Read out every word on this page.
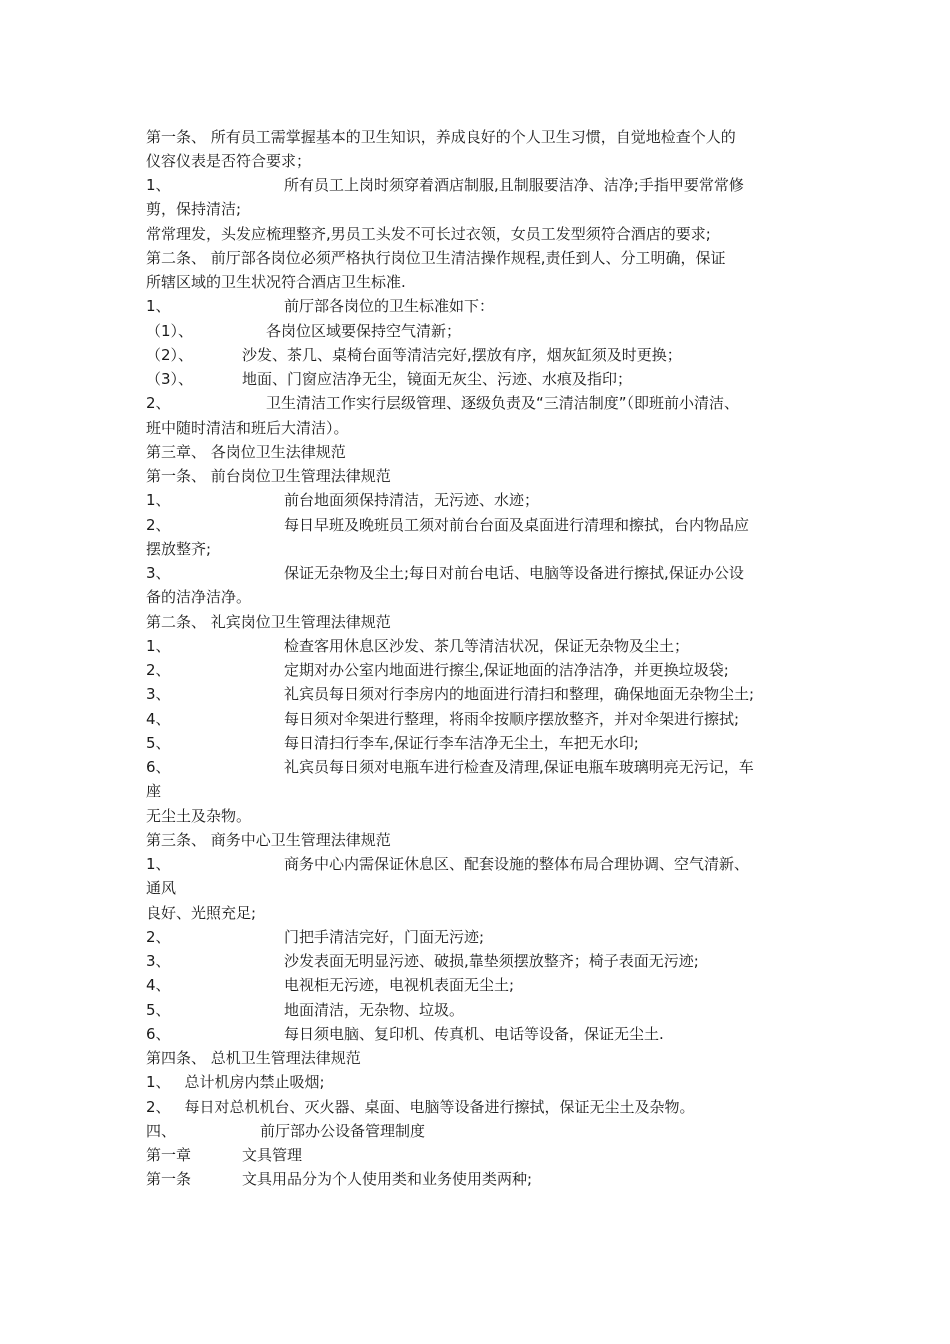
第一条、 所有员工需掌握基本的卫生知识，养成良好的个人卫生习惯，自觉地检查个人的
仪容仪表是否符合要求；
1、	所有员工上岗时须穿着酒店制服,且制服要洁净、洁净;手指甲要常常修
剪，保持清洁;
常常理发，头发应梳理整齐,男员工头发不可长过衣领，女员工发型须符合酒店的要求;
第二条、 前厅部各岗位必须严格执行岗位卫生清洁操作规程,责任到人、分工明确，保证
所辖区域的卫生状况符合酒店卫生标准.
1、	前厅部各岗位的卫生标准如下：
（1）、	各岗位区域要保持空气清新；
（2）、	沙发、茶几、桌椅台面等清洁完好,摆放有序，烟灰缸须及时更换；
（3）、	地面、门窗应洁净无尘，镜面无灰尘、污迹、水痕及指印；
2、	卫生清洁工作实行层级管理、逐级负责及“三清洁制度”（即班前小清洁、
班中随时清洁和班后大清洁）。
第三章、 各岗位卫生法律规范
第一条、 前台岗位卫生管理法律规范
1、	前台地面须保持清洁，无污迹、水迹；
2、	每日早班及晚班员工须对前台台面及桌面进行清理和擦拭，台内物品应
摆放整齐;
3、	保证无杂物及尘土;每日对前台电话、电脑等设备进行擦拭,保证办公设
备的洁净洁净。
第二条、 礼宾岗位卫生管理法律规范
1、	检查客用休息区沙发、茶几等清洁状况，保证无杂物及尘土；
2、	定期对办公室内地面进行擦尘,保证地面的洁净洁净，并更换垃圾袋;
3、	礼宾员每日须对行李房内的地面进行清扫和整理，确保地面无杂物尘土;
4、	每日须对伞架进行整理，将雨伞按顺序摆放整齐，并对伞架进行擦拭;
5、	每日清扫行李车,保证行李车洁净无尘土，车把无水印;
6、	礼宾员每日须对电瓶车进行检查及清理,保证电瓶车玻璃明亮无污记，车
座
无尘土及杂物。
第三条、 商务中心卫生管理法律规范
1、	商务中心内需保证休息区、配套设施的整体布局合理协调、空气清新、
通风
良好、光照充足;
2、	门把手清洁完好，门面无污迹;
3、	沙发表面无明显污迹、破损,靠垫须摆放整齐；椅子表面无污迹;
4、	电视柜无污迹，电视机表面无尘土;
5、	地面清洁，无杂物、垃圾。
6、	每日须电脑、复印机、传真机、电话等设备，保证无尘土.
第四条、 总机卫生管理法律规范
1、 总计机房内禁止吸烟;
2、 每日对总机机台、灭火器、桌面、电脑等设备进行擦拭，保证无尘土及杂物。
四、	前厅部办公设备管理制度
第一章	文具管理
第一条	文具用品分为个人使用类和业务使用类两种;
